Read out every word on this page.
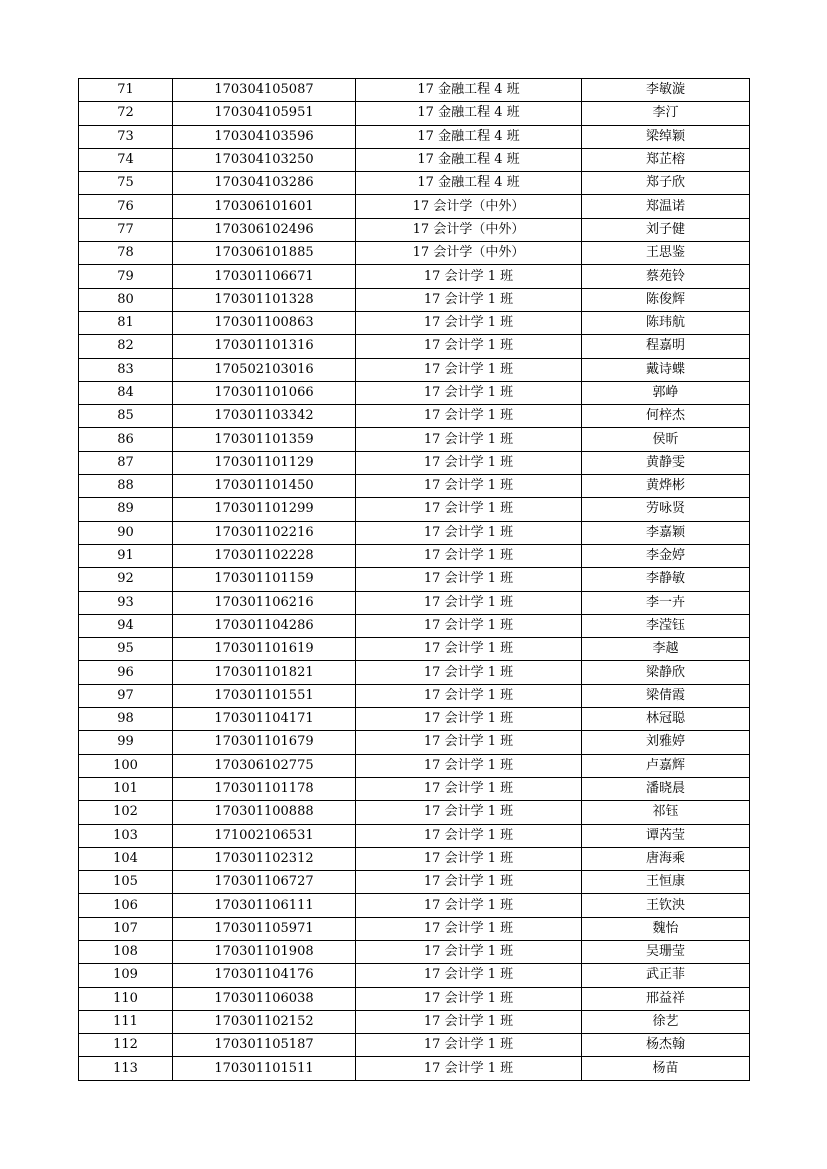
71	170304105087	17 金融工程 4 班	李敏漩
72	170304105951	17 金融工程 4 班	李汀
73	170304103596	17 金融工程 4 班	梁绰颖
74	170304103250	17 金融工程 4 班	郑芷榕
75	170304103286	17 金融工程 4 班	郑子欣
76	170306101601	17 会计学（中外）	郑温诺
77	170306102496	17 会计学（中外）	刘子健
78	170306101885	17 会计学（中外）	王思鉴
79	170301106671	17 会计学 1 班	蔡苑铃
80	170301101328	17 会计学 1 班	陈俊辉
81	170301100863	17 会计学 1 班	陈玮航
82	170301101316	17 会计学 1 班	程嘉明
83	170502103016	17 会计学 1 班	戴诗蝶
84	170301101066	17 会计学 1 班	郭峥
85	170301103342	17 会计学 1 班	何梓杰
86	170301101359	17 会计学 1 班	侯昕
87	170301101129	17 会计学 1 班	黄静雯
88	170301101450	17 会计学 1 班	黄烨彬
89	170301101299	17 会计学 1 班	劳咏贤
90	170301102216	17 会计学 1 班	李嘉颖
91	170301102228	17 会计学 1 班	李金婷
92	170301101159	17 会计学 1 班	李静敏
93	170301106216	17 会计学 1 班	李一卉
94	170301104286	17 会计学 1 班	李滢钰
95	170301101619	17 会计学 1 班	李越
96	170301101821	17 会计学 1 班	梁静欣
97	170301101551	17 会计学 1 班	梁倩霞
98	170301104171	17 会计学 1 班	林冠聪
99	170301101679	17 会计学 1 班	刘雅婷
100	170306102775	17 会计学 1 班	卢嘉辉
101	170301101178	17 会计学 1 班	潘晓晨
102	170301100888	17 会计学 1 班	祁钰
103	171002106531	17 会计学 1 班	谭芮莹
104	170301102312	17 会计学 1 班	唐海乘
105	170301106727	17 会计学 1 班	王恒康
106	170301106111	17 会计学 1 班	王钦泱
107	170301105971	17 会计学 1 班	魏怡
108	170301101908	17 会计学 1 班	吴珊莹
109	170301104176	17 会计学 1 班	武正菲
110	170301106038	17 会计学 1 班	邢益祥
111	170301102152	17 会计学 1 班	徐艺
112	170301105187	17 会计学 1 班	杨杰翰
113	170301101511	17 会计学 1 班	杨苗
